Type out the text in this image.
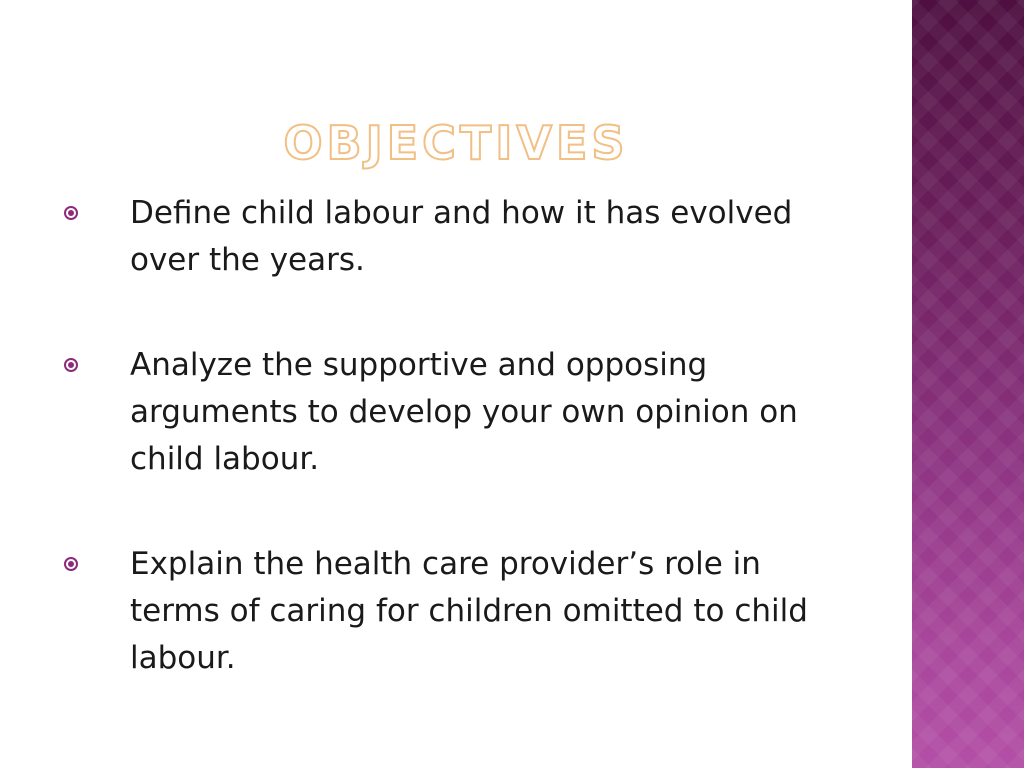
OBJECTIVES
Define child labour and how it has evolved over the years.
Analyze the supportive and opposing arguments to develop your own opinion on child labour.
Explain the health care provider’s role in terms of caring for children omitted to child labour.
